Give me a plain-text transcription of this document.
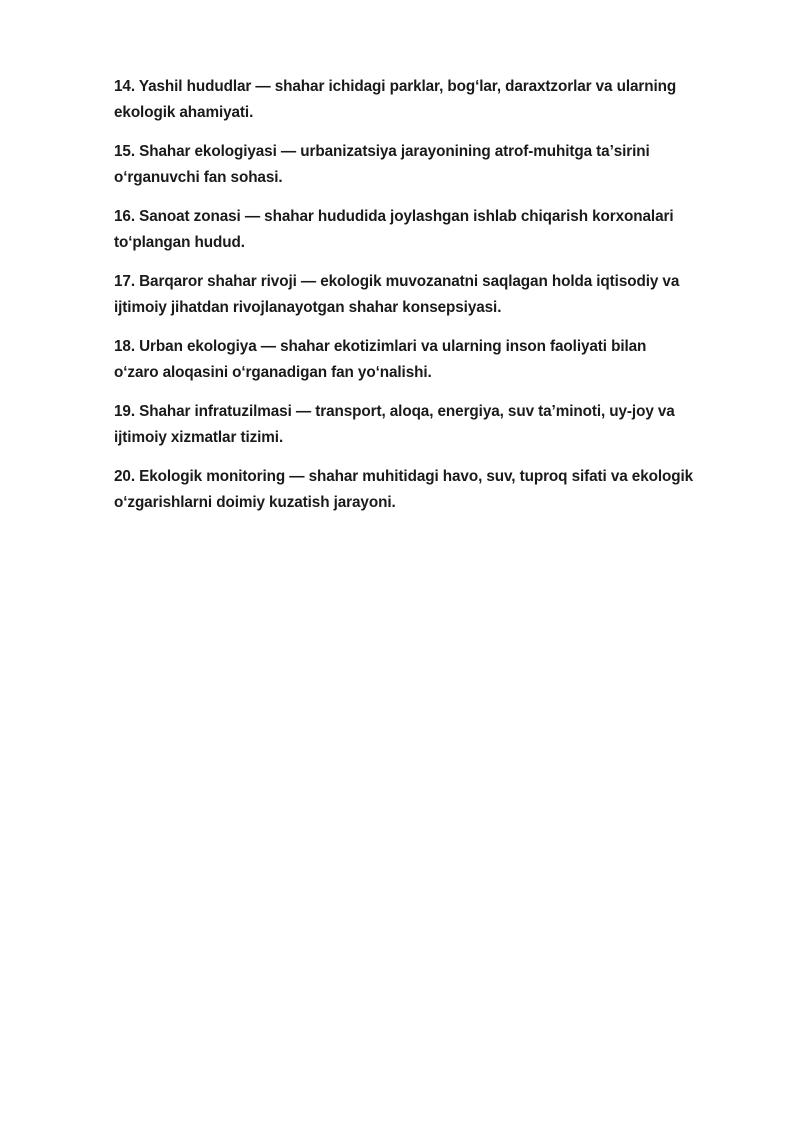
14. Yashil hududlar — shahar ichidagi parklar, bogʻlar, daraxtzorlar va ularning
ekologik ahamiyati.
15. Shahar ekologiyasi — urbanizatsiya jarayonining atrof-muhitga taʼsirini
oʻrganuvchi fan sohasi.
16. Sanoat zonasi — shahar hududida joylashgan ishlab chiqarish korxonalari
toʻplangan hudud.
17. Barqaror shahar rivoji — ekologik muvozanatni saqlagan holda iqtisodiy va
ijtimoiy jihatdan rivojlanayotgan shahar konsepsiyasi.
18. Urban ekologiya — shahar ekotizimlari va ularning inson faoliyati bilan
oʻzaro aloqasini oʻrganadigan fan yoʻnalishi.
19. Shahar infratuzilmasi — transport, aloqa, energiya, suv taʼminoti, uy-joy va
ijtimoiy xizmatlar tizimi.
20. Ekologik monitoring — shahar muhitidagi havo, suv, tuproq sifati va ekologik
oʻzgarishlarni doimiy kuzatish jarayoni.
